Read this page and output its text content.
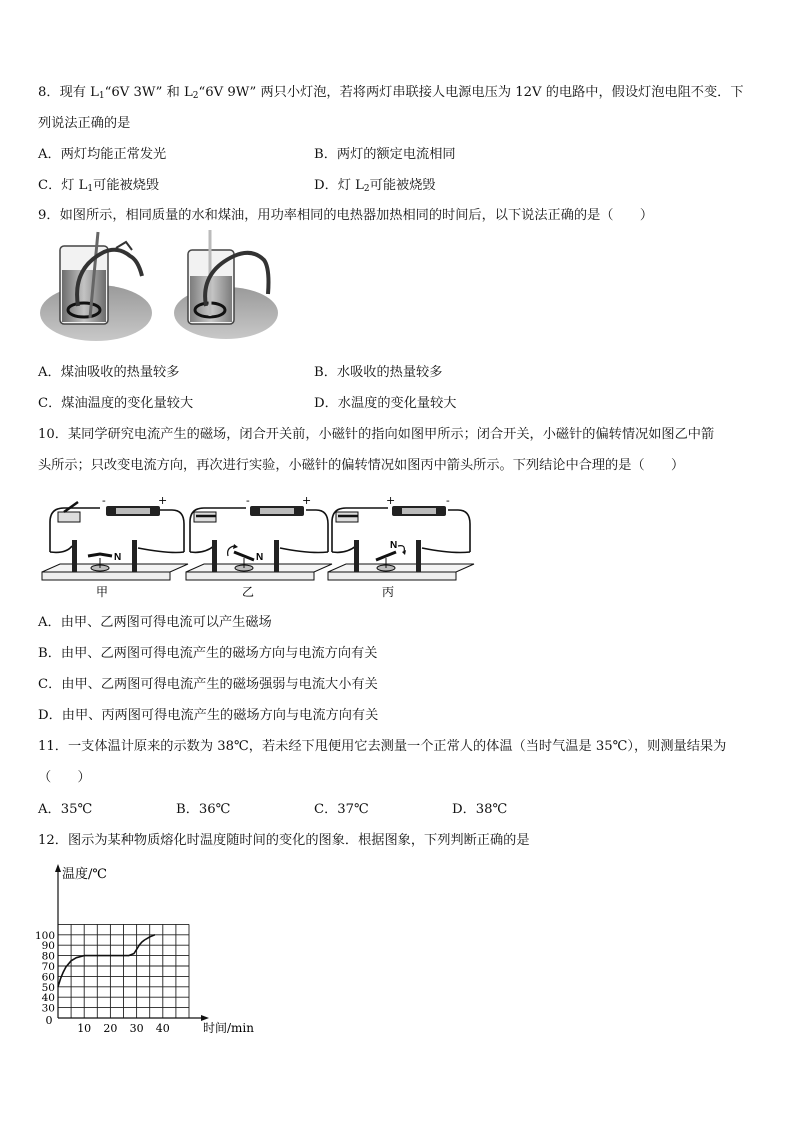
8．现有 $L_1“6V$ 3W” 和 $L_2“6V$ 9W” 两只小灯泡，若将两灯串联接人电源电压为 12V 的电路中，假设灯泡电阻不变．下
列说法正确的是
A．两灯均能正常发光	B．两灯的额定电流相同
C．灯 $L_1$可能被烧毁	D．灯 $L_2$可能被烧毁
9．如图所示，相同质量的水和煤油，用功率相同的电热器加热相同的时间后，以下说法正确的是（　　）
A．煤油吸收的热量较多	B．水吸收的热量较多
C．煤油温度的变化量较大	D．水温度的变化量较大
10．某同学研究电流产生的磁场，闭合开关前，小磁针的指向如图甲所示；闭合开关，小磁针的偏转情况如图乙中箭
头所示；只改变电流方向，再次进行实验，小磁针的偏转情况如图丙中箭头所示。下列结论中合理的是（　　）
-	+
N
甲
-	+
N
乙
+	-
N
丙
A．由甲、乙两图可得电流可以产生磁场
B．由甲、乙两图可得电流产生的磁场方向与电流方向有关
C．由甲、乙两图可得电流产生的磁场强弱与电流大小有关
D．由甲、丙两图可得电流产生的磁场方向与电流方向有关
11．一支体温计原来的示数为 38℃，若未经下甩便用它去测量一个正常人的体温（当时气温是 35℃），则测量结果为
（　　）
A．35℃	B．36℃	C．37℃	D．38℃
12．图示为某种物质熔化时温度随时间的变化的图象．根据图象，下列判断正确的是
温度/℃
时间/min
0
30
40
50
60
70
80
90
100
10 20 30 40
